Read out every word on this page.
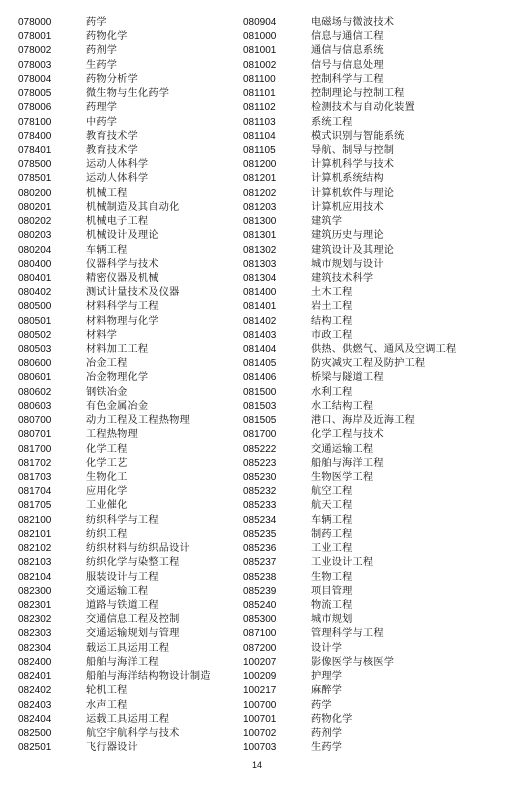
078000	药学
078001	药物化学
078002	药剂学
078003	生药学
078004	药物分析学
078005	微生物与生化药学
078006	药理学
078100	中药学
078400	教育技术学
078401	教育技术学
078500	运动人体科学
078501	运动人体科学
080200	机械工程
080201	机械制造及其自动化
080202	机械电子工程
080203	机械设计及理论
080204	车辆工程
080400	仪器科学与技术
080401	精密仪器及机械
080402	测试计量技术及仪器
080500	材料科学与工程
080501	材料物理与化学
080502	材料学
080503	材料加工工程
080600	冶金工程
080601	冶金物理化学
080602	钢铁冶金
080603	有色金属冶金
080700	动力工程及工程热物理
080701	工程热物理
081700	化学工程
081702	化学工艺
081703	生物化工
081704	应用化学
081705	工业催化
082100	纺织科学与工程
082101	纺织工程
082102	纺织材料与纺织品设计
082103	纺织化学与染整工程
082104	服装设计与工程
082300	交通运输工程
082301	道路与铁道工程
082302	交通信息工程及控制
082303	交通运输规划与管理
082304	载运工具运用工程
082400	船舶与海洋工程
082401	船舶与海洋结构物设计制造
082402	轮机工程
082403	水声工程
082404	运载工具运用工程
082500	航空宇航科学与技术
082501	飞行器设计
080904	电磁场与微波技术
081000	信息与通信工程
081001	通信与信息系统
081002	信号与信息处理
081100	控制科学与工程
081101	控制理论与控制工程
081102	检测技术与自动化装置
081103	系统工程
081104	模式识别与智能系统
081105	导航、制导与控制
081200	计算机科学与技术
081201	计算机系统结构
081202	计算机软件与理论
081203	计算机应用技术
081300	建筑学
081301	建筑历史与理论
081302	建筑设计及其理论
081303	城市规划与设计
081304	建筑技术科学
081400	土木工程
081401	岩土工程
081402	结构工程
081403	市政工程
081404	供热、供燃气、通风及空调工程
081405	防灾减灾工程及防护工程
081406	桥梁与隧道工程
081500	水利工程
081503	水工结构工程
081505	港口、海岸及近海工程
081700	化学工程与技术
085222	交通运输工程
085223	船舶与海洋工程
085230	生物医学工程
085232	航空工程
085233	航天工程
085234	车辆工程
085235	制药工程
085236	工业工程
085237	工业设计工程
085238	生物工程
085239	项目管理
085240	物流工程
085300	城市规划
087100	管理科学与工程
087200	设计学
100207	影像医学与核医学
100209	护理学
100217	麻醉学
100700	药学
100701	药物化学
100702	药剂学
100703	生药学
14
